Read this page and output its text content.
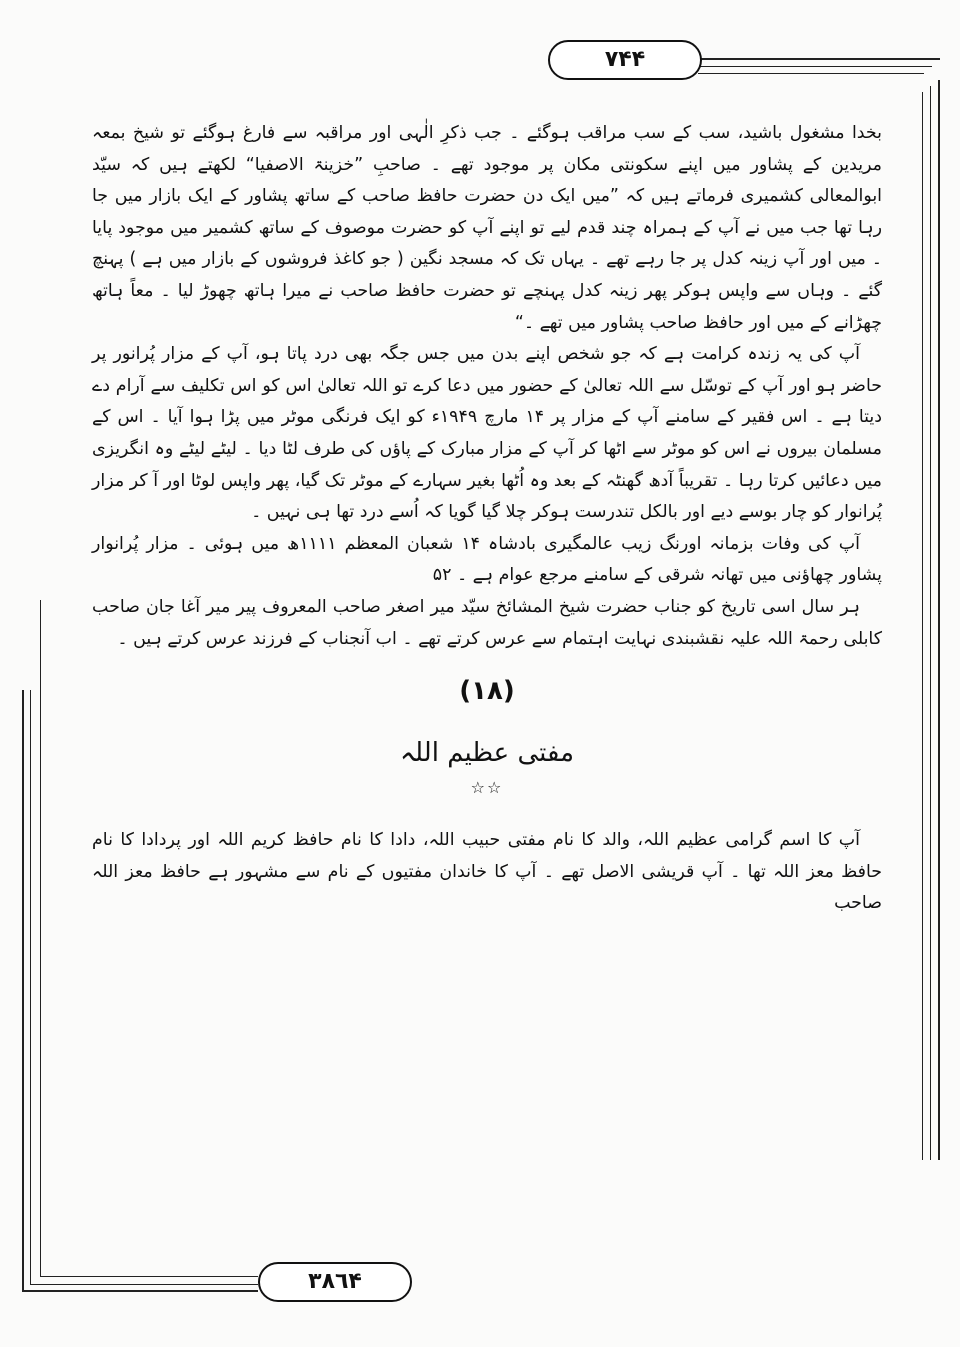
٧۴۴
٣٨٦۴

بخدا مشغول باشید، سب کے سب مراقب ہوگئے ۔ جب ذکرِ الٰہی اور مراقبہ سے فارغ ہوگئے تو شیخ بمعہ مریدین کے پشاور میں اپنے سکونتی مکان پر موجود تھے ۔ صاحبِ ”خزینۃ الاصفیا“ لکھتے ہیں کہ سیّد ابوالمعالی کشمیری فرماتے ہیں کہ ”میں ایک دن حضرت حافظ صاحب کے ساتھ پشاور کے ایک بازار میں جا رہا تھا جب میں نے آپ کے ہمراہ چند قدم لیے تو اپنے آپ کو حضرت موصوف کے ساتھ کشمیر میں موجود پایا ۔ میں اور آپ زینہ کدل پر جا رہے تھے ۔ یہاں تک کہ مسجد نگین ( جو کاغذ فروشوں کے بازار میں ہے ) پہنچ گئے ۔ وہاں سے واپس ہوکر پھر زینہ کدل پہنچے تو حضرت حافظ صاحب نے میرا ہاتھ چھوڑ لیا ۔ معاً ہاتھ چھڑانے کے میں اور حافظ صاحب پشاور میں تھے ۔“

آپ کی یہ زندہ کرامت ہے کہ جو شخص اپنے بدن میں جس جگہ بھی درد پاتا ہو، آپ کے مزار پُرانور پر حاضر ہو اور آپ کے توسّل سے اللہ تعالیٰ کے حضور میں دعا کرے تو اللہ تعالیٰ اس کو اس تکلیف سے آرام دے دیتا ہے ۔ اس فقیر کے سامنے آپ کے مزار پر ۱۴ مارچ ۱۹۴۹ء کو ایک فرنگی موٹر میں پڑا ہوا آیا ۔ اس کے مسلمان بیروں نے اس کو موٹر سے اٹھا کر آپ کے مزار مبارک کے پاؤں کی طرف لٹا دیا ۔ لیٹے لیٹے وہ انگریزی میں دعائیں کرتا رہا ۔ تقریباً آدھ گھنٹہ کے بعد وہ اُٹھا بغیر سہارے کے موٹر تک گیا، پھر واپس لوٹا اور آ کر مزار پُرانوار کو چار بوسے دیے اور بالکل تندرست ہوکر چلا گیا گویا کہ اُسے درد تھا ہی نہیں ۔

آپ کی وفات بزمانہ اورنگ زیب عالمگیری بادشاہ ۱۴ شعبان المعظم ۱۱۱۱ھ میں ہوئی ۔ مزار پُرانوار پشاور چھاؤنی میں تھانہ شرقی کے سامنے مرجع عوام ہے ۔ ۵۲

ہر سال اسی تاریخ کو جناب حضرت شیخ المشائخ سیّد میر اصغر صاحب المعروف پیر میر آغا جان صاحب کابلی رحمۃ اللہ علیہ نقشبندی نہایت اہتمام سے عرس کرتے تھے ۔ اب آنجناب کے فرزند عرس کرتے ہیں ۔

(۱۸)
مفتی عظیم اللہ
☆☆

آپ کا اسم گرامی عظیم اللہ، والد کا نام مفتی حبیب اللہ، دادا کا نام حافظ کریم اللہ اور پردادا کا نام حافظ معز اللہ تھا ۔ آپ قریشی الاصل تھے ۔ آپ کا خاندان مفتیوں کے نام سے مشہور ہے حافظ معز اللہ صاحب
